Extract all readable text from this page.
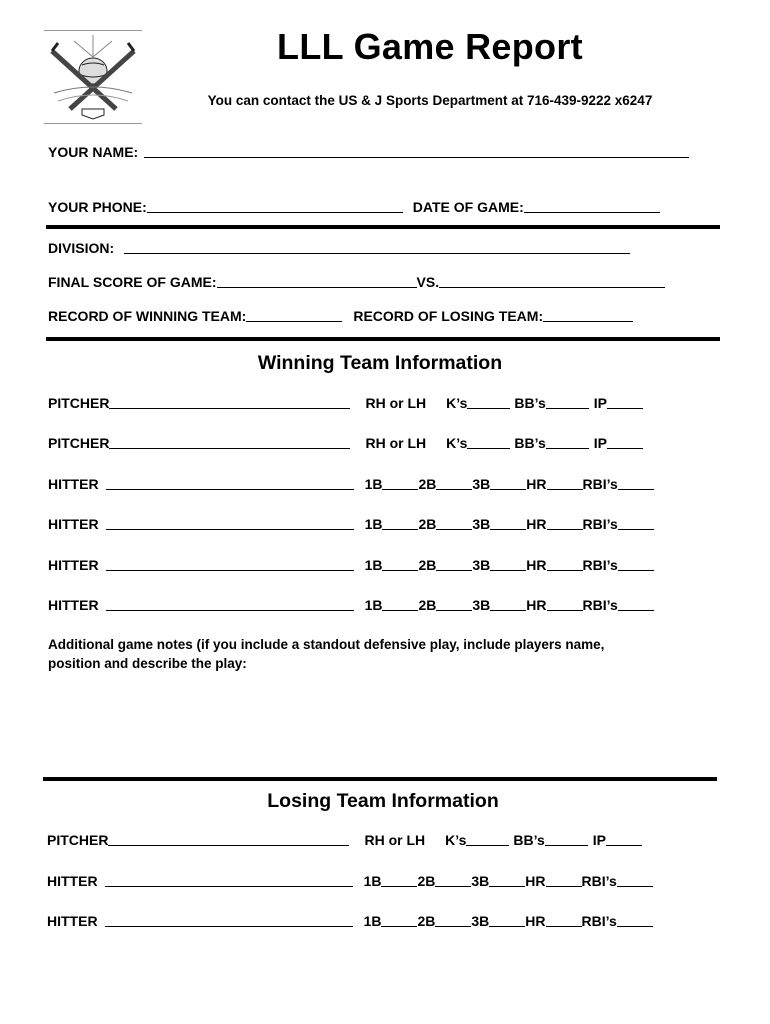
LLL Game Report
You can contact the US & J Sports Department at 716-439-9222 x6247
YOUR NAME:
YOUR PHONE:	DATE OF GAME:
DIVISION:
FINAL SCORE OF GAME:	VS.
RECORD OF WINNING TEAM:	RECORD OF LOSING TEAM:
Winning Team Information
PITCHER	RH or LH K’s	BB’s	IP
PITCHER	RH or LH K’s	BB’s	IP
HITTER	1B	2B	3B	HR	RBI’s
HITTER	1B	2B	3B	HR	RBI’s
HITTER	1B	2B	3B	HR	RBI’s
HITTER	1B	2B	3B	HR	RBI’s
Additional game notes (if you include a standout defensive play, include players name,
position and describe the play:
Losing Team Information
PITCHER	RH or LH K’s	BB’s	IP
HITTER	1B	2B	3B	HR	RBI’s
HITTER	1B	2B	3B	HR	RBI’s
